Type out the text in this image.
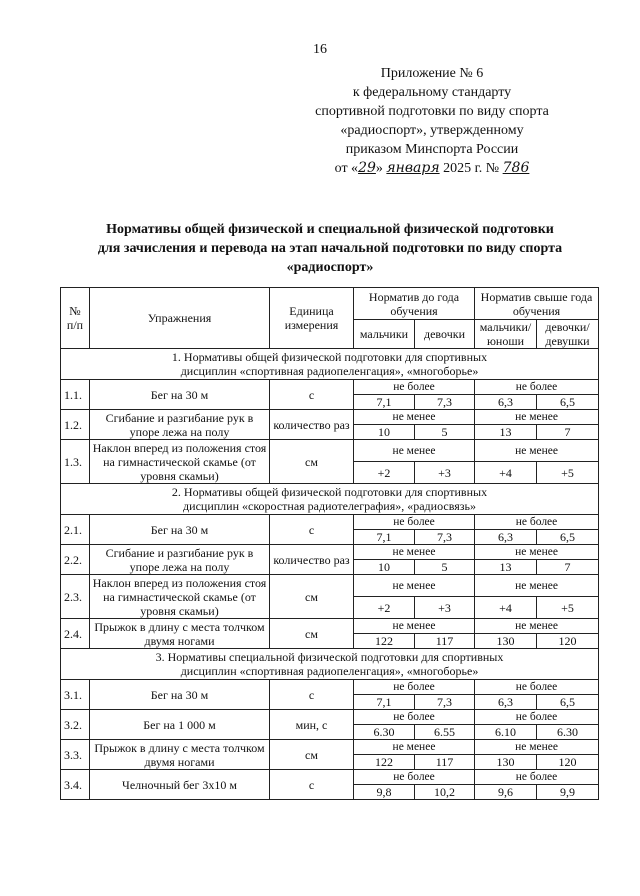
16
Приложение № 6
к федеральному стандарту
спортивной подготовки по виду спорта
«радиоспорт», утвержденному
приказом Минспорта России
от «29» января 2025 г. № 786
Нормативы общей физической и специальной физической подготовки
для зачисления и перевода на этап начальной подготовки по виду спорта
«радиоспорт»
№ п/п	Упражнения	Единица измерения	Норматив до года обучения		Норматив свыше года обучения	
			мальчики	девочки	мальчики/ юноши	девочки/ девушки

1. Нормативы общей физической подготовки для спортивных
дисциплин «спортивная радиопеленгация», «многоборье»						

1.1.	Бег на 30 м	с	не более		не более	
			7,1	7,3	6,3	6,5
1.2.	Сгибание и разгибание рук в упоре лежа на полу	количество раз	не менее		не менее	
			10	5	13	7
1.3.	Наклон вперед из положения стоя на гимнастической скамье (от уровня скамьи)	см	не менее		не менее	
			+2	+3	+4	+5

2. Нормативы общей физической подготовки для спортивных
дисциплин «скоростная радиотелеграфия», «радиосвязь»						

2.1.	Бег на 30 м	с	не более		не более	
			7,1	7,3	6,3	6,5
2.2.	Сгибание и разгибание рук в упоре лежа на полу	количество раз	не менее		не менее	
			10	5	13	7
2.3.	Наклон вперед из положения стоя на гимнастической скамье (от уровня скамьи)	см	не менее		не менее	
			+2	+3	+4	+5
2.4.	Прыжок в длину с места толчком двумя ногами	см	не менее		не менее	
			122	117	130	120

3. Нормативы специальной физической подготовки для спортивных
дисциплин «спортивная радиопеленгация», «многоборье»						

3.1.	Бег на 30 м	с	не более		не более	
			7,1	7,3	6,3	6,5
3.2.	Бег на 1 000 м	мин, с	не более		не более	
			6.30	6.55	6.10	6.30
3.3.	Прыжок в длину с места толчком двумя ногами	см	не менее		не менее	
			122	117	130	120
3.4.	Челночный бег 3х10 м	с	не более		не более	
			9,8	10,2	9,6	9,9
